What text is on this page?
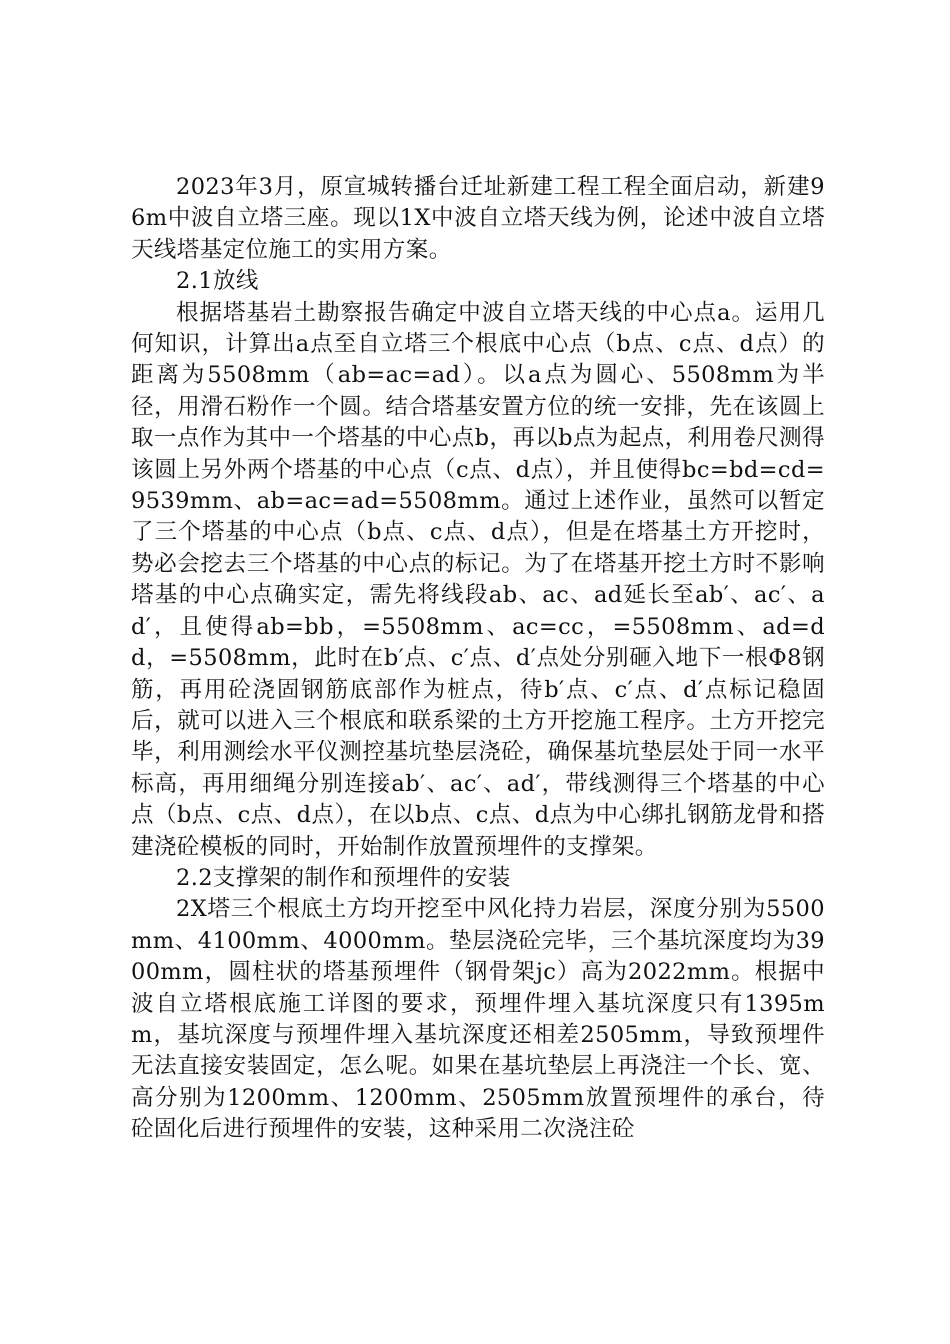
2023年3月，原宣城转播台迁址新建工程工程全面启动，新建96m中波自立塔三座。现以1X中波自立塔天线为例，论述中波自立塔天线塔基定位施工的实用方案。

2.1放线

根据塔基岩土勘察报告确定中波自立塔天线的中心点a。运用几何知识，计算出a点至自立塔三个根底中心点（b点、c点、d点）的距离为5508mm（ab=ac=ad）。以a点为圆心、5508mm为半径，用滑石粉作一个圆。结合塔基安置方位的统一安排，先在该圆上取一点作为其中一个塔基的中心点b，再以b点为起点，利用卷尺测得该圆上另外两个塔基的中心点（c点、d点），并且使得bc=bd=cd=9539mm、ab=ac=ad=5508mm。通过上述作业，虽然可以暂定了三个塔基的中心点（b点、c点、d点），但是在塔基土方开挖时，势必会挖去三个塔基的中心点的标记。为了在塔基开挖土方时不影响塔基的中心点确实定，需先将线段ab、ac、ad延长至ab′、ac′、ad′，且使得ab=bb，=5508mm、ac=cc，=5508mm、ad=dd，=5508mm，此时在b′点、c′点、d′点处分别砸入地下一根Φ8钢筋，再用砼浇固钢筋底部作为桩点，待b′点、c′点、d′点标记稳固后，就可以进入三个根底和联系梁的土方开挖施工程序。土方开挖完毕，利用测绘水平仪测控基坑垫层浇砼，确保基坑垫层处于同一水平标高，再用细绳分别连接ab′、ac′、ad′，带线测得三个塔基的中心点（b点、c点、d点），在以b点、c点、d点为中心绑扎钢筋龙骨和搭建浇砼模板的同时，开始制作放置预埋件的支撑架。

2.2支撑架的制作和预埋件的安装

2X塔三个根底土方均开挖至中风化持力岩层，深度分别为5500mm、4100mm、4000mm。垫层浇砼完毕，三个基坑深度均为3900mm，圆柱状的塔基预埋件（钢骨架jc）高为2022mm。根据中波自立塔根底施工详图的要求，预埋件埋入基坑深度只有1395mm，基坑深度与预埋件埋入基坑深度还相差2505mm，导致预埋件无法直接安装固定，怎么呢。如果在基坑垫层上再浇注一个长、宽、高分别为1200mm、1200mm、2505mm放置预埋件的承台，待砼固化后进行预埋件的安装，这种采用二次浇注砼
